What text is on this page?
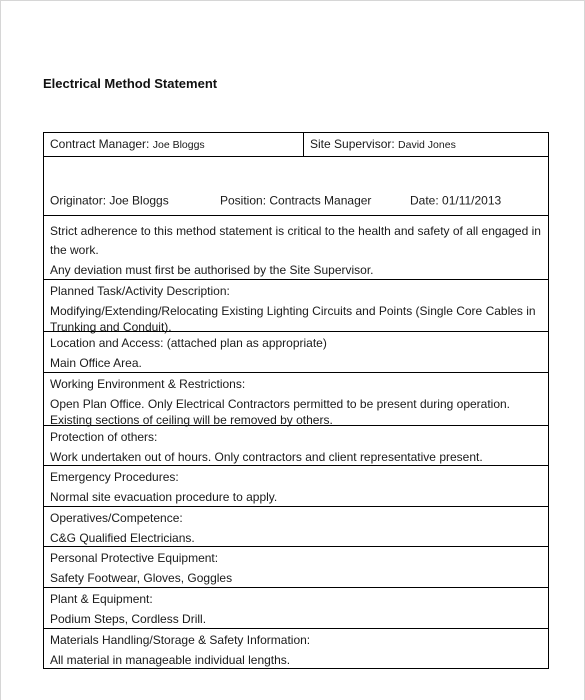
Electrical Method Statement
Contract Manager: Joe Bloggs	Site Supervisor: David Jones
Originator: Joe Bloggs	Position: Contracts Manager	Date: 01/11/2013
Strict adherence to this method statement is critical to the health and safety of all engaged in the work.
Any deviation must first be authorised by the Site Supervisor.
Planned Task/Activity Description:
Modifying/Extending/Relocating Existing Lighting Circuits and Points (Single Core Cables in Trunking and Conduit).
Location and Access: (attached plan as appropriate)
Main Office Area.
Working Environment & Restrictions:
Open Plan Office. Only Electrical Contractors permitted to be present during operation. Existing sections of ceiling will be removed by others.
Protection of others:
Work undertaken out of hours. Only contractors and client representative present.
Emergency Procedures:
Normal site evacuation procedure to apply.
Operatives/Competence:
C&G Qualified Electricians.
Personal Protective Equipment:
Safety Footwear, Gloves, Goggles
Plant & Equipment:
Podium Steps, Cordless Drill.
Materials Handling/Storage & Safety Information:
All material in manageable individual lengths.
